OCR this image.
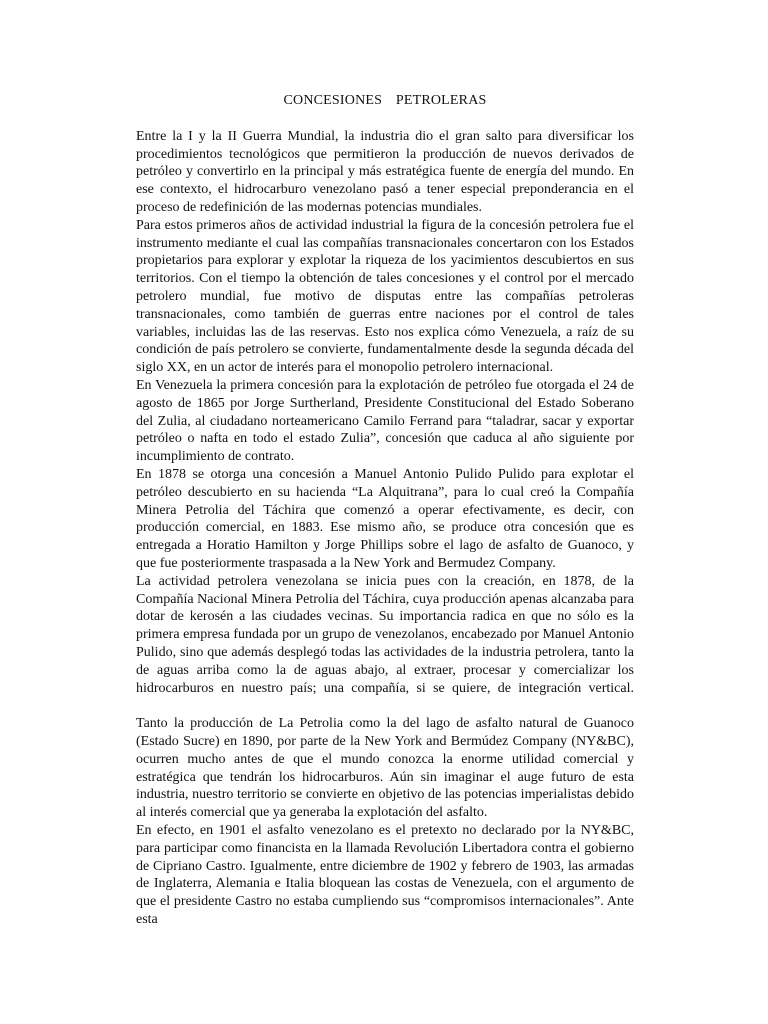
CONCESIONES PETROLERAS

Entre la I y la II Guerra Mundial, la industria dio el gran salto para diversificar los procedimientos tecnológicos que permitieron la producción de nuevos derivados de petróleo y convertirlo en la principal y más estratégica fuente de energía del mundo. En ese contexto, el hidrocarburo venezolano pasó a tener especial preponderancia en el proceso de redefinición de las modernas potencias mundiales.

Para estos primeros años de actividad industrial la figura de la concesión petrolera fue el instrumento mediante el cual las compañías transnacionales concertaron con los Estados propietarios para explorar y explotar la riqueza de los yacimientos descubiertos en sus territorios. Con el tiempo la obtención de tales concesiones y el control por el mercado petrolero mundial, fue motivo de disputas entre las compañías petroleras transnacionales, como también de guerras entre naciones por el control de tales variables, incluidas las de las reservas. Esto nos explica cómo Venezuela, a raíz de su condición de país petrolero se convierte, fundamentalmente desde la segunda década del siglo XX, en un actor de interés para el monopolio petrolero internacional.

En Venezuela la primera concesión para la explotación de petróleo fue otorgada el 24 de agosto de 1865 por Jorge Surtherland, Presidente Constitucional del Estado Soberano del Zulia, al ciudadano norteamericano Camilo Ferrand para “taladrar, sacar y exportar petróleo o nafta en todo el estado Zulia”, concesión que caduca al año siguiente por incumplimiento de contrato.

En 1878 se otorga una concesión a Manuel Antonio Pulido Pulido para explotar el petróleo descubierto en su hacienda “La Alquitrana”, para lo cual creó la Compañía Minera Petrolia del Táchira que comenzó a operar efectivamente, es decir, con producción comercial, en 1883. Ese mismo año, se produce otra concesión que es entregada a Horatio Hamilton y Jorge Phillips sobre el lago de asfalto de Guanoco, y que fue posteriormente traspasada a la New York and Bermudez Company.

La actividad petrolera venezolana se inicia pues con la creación, en 1878, de la Compañía Nacional Minera Petrolia del Táchira, cuya producción apenas alcanzaba para dotar de kerosén a las ciudades vecinas. Su importancia radica en que no sólo es la primera empresa fundada por un grupo de venezolanos, encabezado por Manuel Antonio Pulido, sino que además desplegó todas las actividades de la industria petrolera, tanto la de aguas arriba como la de aguas abajo, al extraer, procesar y comercializar los hidrocarburos en nuestro país; una compañía, si se quiere, de integración vertical.

Tanto la producción de La Petrolia como la del lago de asfalto natural de Guanoco (Estado Sucre) en 1890, por parte de la New York and Bermúdez Company (NY&BC), ocurren mucho antes de que el mundo conozca la enorme utilidad comercial y estratégica que tendrán los hidrocarburos. Aún sin imaginar el auge futuro de esta industria, nuestro territorio se convierte en objetivo de las potencias imperialistas debido al interés comercial que ya generaba la explotación del asfalto.

En efecto, en 1901 el asfalto venezolano es el pretexto no declarado por la NY&BC, para participar como financista en la llamada Revolución Libertadora contra el gobierno de Cipriano Castro. Igualmente, entre diciembre de 1902 y febrero de 1903, las armadas de Inglaterra, Alemania e Italia bloquean las costas de Venezuela, con el argumento de que el presidente Castro no estaba cumpliendo sus “compromisos internacionales”. Ante esta
